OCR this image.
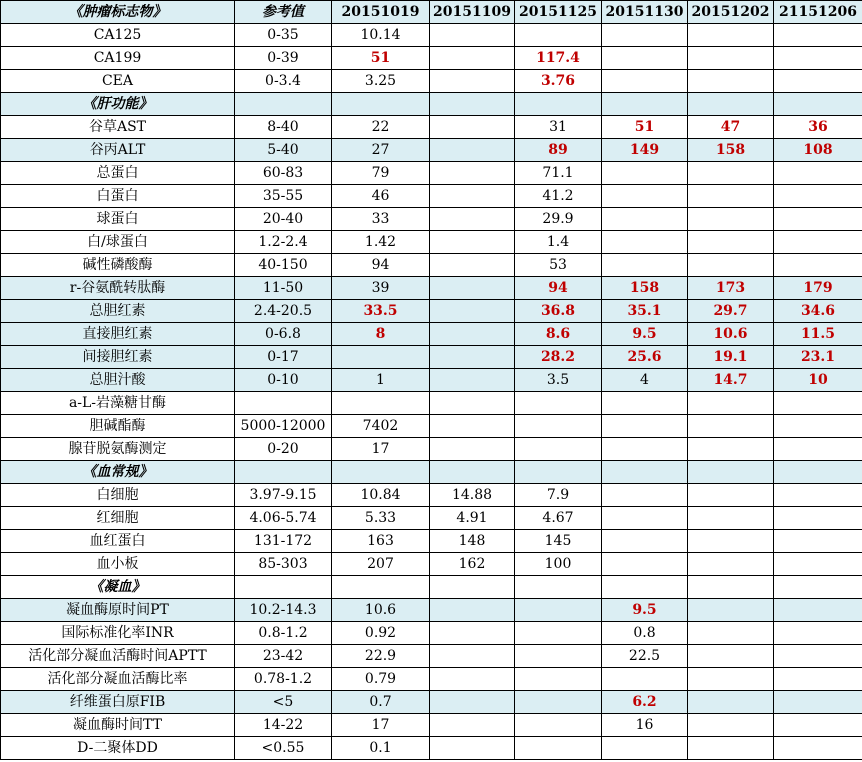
《肿瘤标志物》	参考值	20151019	20151109	20151125	20151130	20151202	21151206
CA125	0-35	10.14					
CA199	0-39	51		117.4			
CEA	0-3.4	3.25		3.76			
《肝功能》							
谷草AST	8-40	22		31	51	47	36
谷丙ALT	5-40	27		89	149	158	108
总蛋白	60-83	79		71.1			
白蛋白	35-55	46		41.2			
球蛋白	20-40	33		29.9			
白/球蛋白	1.2-2.4	1.42		1.4			
碱性磷酸酶	40-150	94		53			
r-谷氨酰转肽酶	11-50	39		94	158	173	179
总胆红素	2.4-20.5	33.5		36.8	35.1	29.7	34.6
直接胆红素	0-6.8	8		8.6	9.5	10.6	11.5
间接胆红素	0-17			28.2	25.6	19.1	23.1
总胆汁酸	0-10	1		3.5	4	14.7	10
a-L-岩藻糖甘酶							
胆碱酯酶	5000-12000	7402					
腺苷脱氨酶测定	0-20	17					
《血常规》							
白细胞	3.97-9.15	10.84	14.88	7.9			
红细胞	4.06-5.74	5.33	4.91	4.67			
血红蛋白	131-172	163	148	145			
血小板	85-303	207	162	100			
《凝血》							
凝血酶原时间PT	10.2-14.3	10.6			9.5		
国际标准化率INR	0.8-1.2	0.92			0.8		
活化部分凝血活酶时间APTT	23-42	22.9			22.5		
活化部分凝血活酶比率	0.78-1.2	0.79					
纤维蛋白原FIB	<5	0.7			6.2		
凝血酶时间TT	14-22	17			16		
D-二聚体DD	<0.55	0.1					
